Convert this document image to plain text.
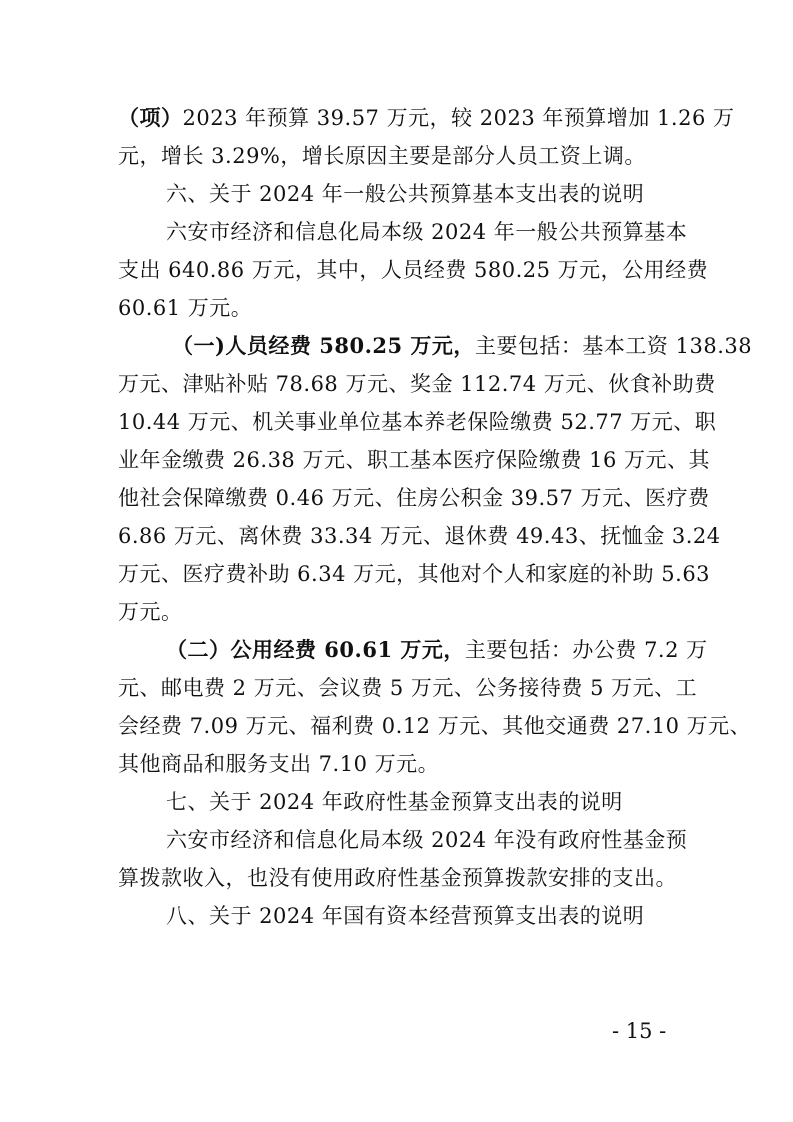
（项）2023 年预算 39.57 万元，较 2023 年预算增加 1.26 万
元，增长 3.29%，增长原因主要是部分人员工资上调。
六、关于 2024 年一般公共预算基本支出表的说明
六安市经济和信息化局本级 2024 年一般公共预算基本
支出 640.86 万元，其中，人员经费 580.25 万元，公用经费
60.61 万元。
（一)人员经费 580.25 万元，主要包括：基本工资 138.38
万元、津贴补贴 78.68 万元、奖金 112.74 万元、伙食补助费
10.44 万元、机关事业单位基本养老保险缴费 52.77 万元、职
业年金缴费 26.38 万元、职工基本医疗保险缴费 16 万元、其
他社会保障缴费 0.46 万元、住房公积金 39.57 万元、医疗费
6.86 万元、离休费 33.34 万元、退休费 49.43、抚恤金 3.24
万元、医疗费补助 6.34 万元，其他对个人和家庭的补助 5.63
万元。
（二）公用经费 60.61 万元，主要包括：办公费 7.2 万
元、邮电费 2 万元、会议费 5 万元、公务接待费 5 万元、工
会经费 7.09 万元、福利费 0.12 万元、其他交通费 27.10 万元、
其他商品和服务支出 7.10 万元。
七、关于 2024 年政府性基金预算支出表的说明
六安市经济和信息化局本级 2024 年没有政府性基金预
算拨款收入，也没有使用政府性基金预算拨款安排的支出。
八、关于 2024 年国有资本经营预算支出表的说明
- 15 -
